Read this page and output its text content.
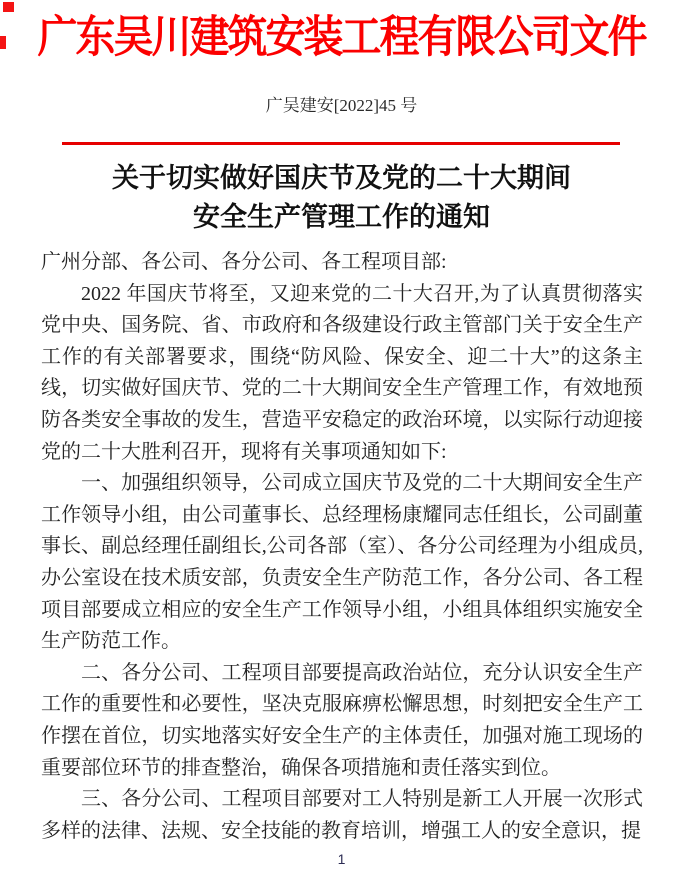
广东吴川建筑安装工程有限公司文件
广吴建安[2022]45 号
关于切实做好国庆节及党的二十大期间
安全生产管理工作的通知

广州分部、各公司、各分公司、各工程项目部:

2022 年国庆节将至，又迎来党的二十大召开,为了认真贯彻落实党中央、国务院、省、市政府和各级建设行政主管部门关于安全生产工作的有关部署要求，围绕“防风险、保安全、迎二十大”的这条主线，切实做好国庆节、党的二十大期间安全生产管理工作，有效地预防各类安全事故的发生，营造平安稳定的政治环境，以实际行动迎接党的二十大胜利召开，现将有关事项通知如下:

一、加强组织领导，公司成立国庆节及党的二十大期间安全生产工作领导小组，由公司董事长、总经理杨康耀同志任组长，公司副董事长、副总经理任副组长,公司各部（室）、各分公司经理为小组成员,办公室设在技术质安部，负责安全生产防范工作，各分公司、各工程项目部要成立相应的安全生产工作领导小组，小组具体组织实施安全生产防范工作。

二、各分公司、工程项目部要提高政治站位，充分认识安全生产工作的重要性和必要性，坚决克服麻痹松懈思想，时刻把安全生产工作摆在首位，切实地落实好安全生产的主体责任，加强对施工现场的重要部位环节的排查整治，确保各项措施和责任落实到位。

三、各分公司、工程项目部要对工人特别是新工人开展一次形式多样的法律、法规、安全技能的教育培训，增强工人的安全意识，提

1
